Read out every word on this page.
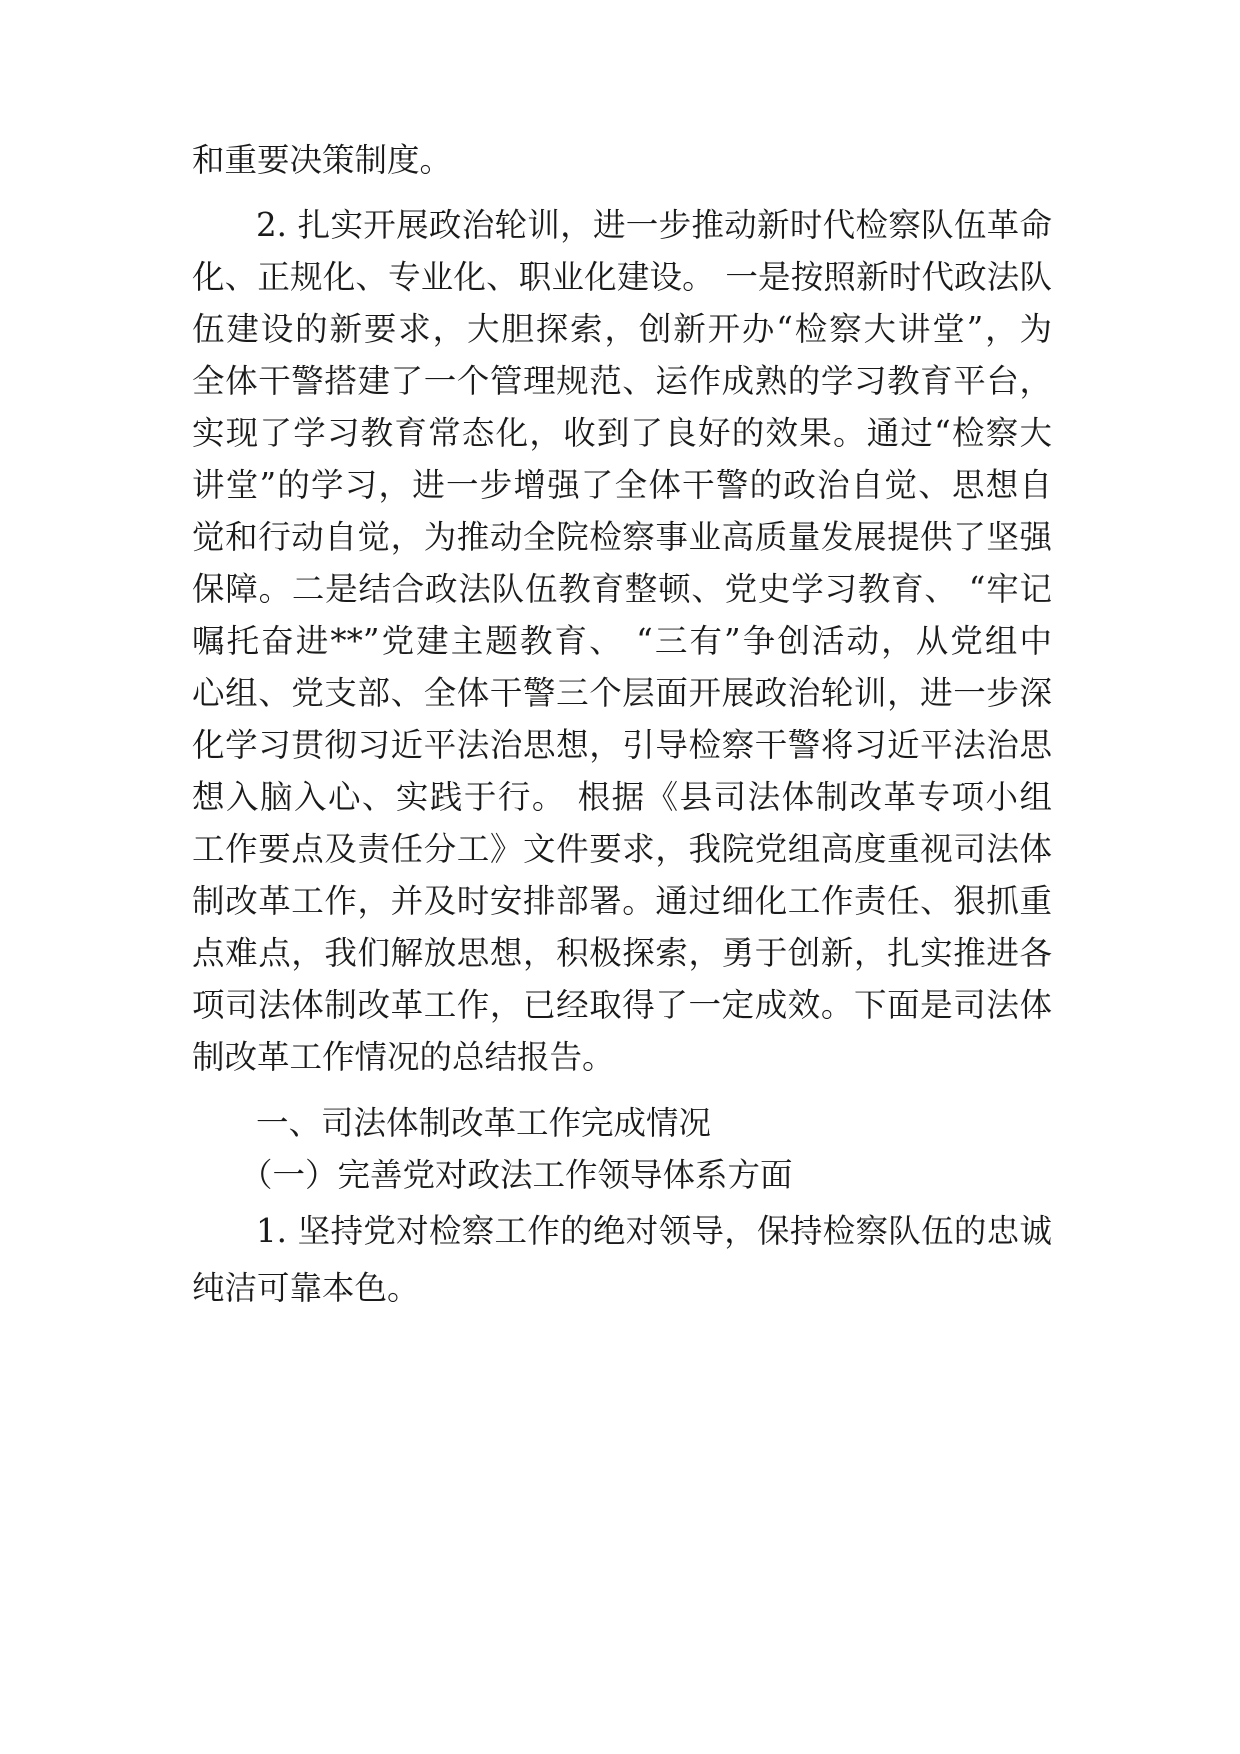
和重要决策制度。
2. 扎实开展政治轮训，进一步推动新时代检察队伍革命
化、正规化、专业化、职业化建设。 一是按照新时代政法队
伍建设的新要求，大胆探索，创新开办“检察大讲堂”，为
全体干警搭建了一个管理规范、运作成熟的学习教育平台，
实现了学习教育常态化，收到了良好的效果。通过“检察大
讲堂”的学习，进一步增强了全体干警的政治自觉、思想自
觉和行动自觉，为推动全院检察事业高质量发展提供了坚强
保障。二是结合政法队伍教育整顿、党史学习教育、 “牢记
嘱托奋进**”党建主题教育、 “三有”争创活动，从党组中
心组、党支部、全体干警三个层面开展政治轮训，进一步深
化学习贯彻习近平法治思想，引导检察干警将习近平法治思
想入脑入心、实践于行。 根据《县司法体制改革专项小组
工作要点及责任分工》文件要求，我院党组高度重视司法体
制改革工作，并及时安排部署。通过细化工作责任、狠抓重
点难点，我们解放思想，积极探索，勇于创新，扎实推进各
项司法体制改革工作，已经取得了一定成效。下面是司法体
制改革工作情况的总结报告。
一、司法体制改革工作完成情况
（一）完善党对政法工作领导体系方面
1. 坚持党对检察工作的绝对领导，保持检察队伍的忠诚
纯洁可靠本色。
